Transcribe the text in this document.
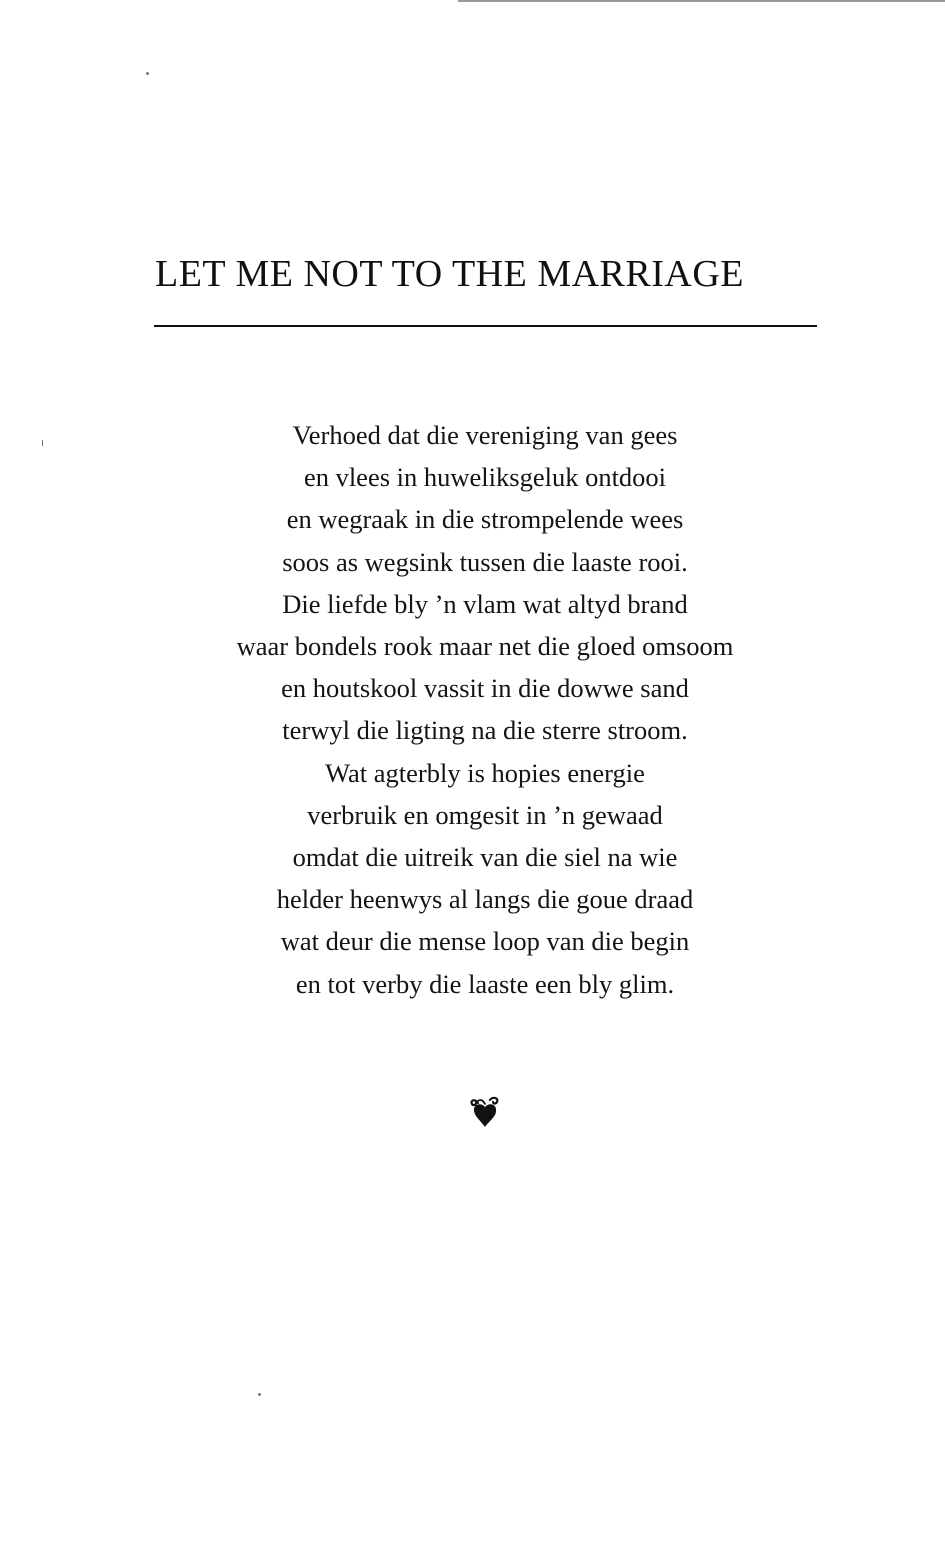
LET ME NOT TO THE MARRIAGE
Verhoed dat die vereniging van gees
en vlees in huweliksgeluk ontdooi
en wegraak in die strompelende wees
soos as wegsink tussen die laaste rooi.
Die liefde bly ’n vlam wat altyd brand
waar bondels rook maar net die gloed omsoom
en houtskool vassit in die dowwe sand
terwyl die ligting na die sterre stroom.
Wat agterbly is hopies energie
verbruik en omgesit in ’n gewaad
omdat die uitreik van die siel na wie
helder heenwys al langs die goue draad
wat deur die mense loop van die begin
en tot verby die laaste een bly glim.
